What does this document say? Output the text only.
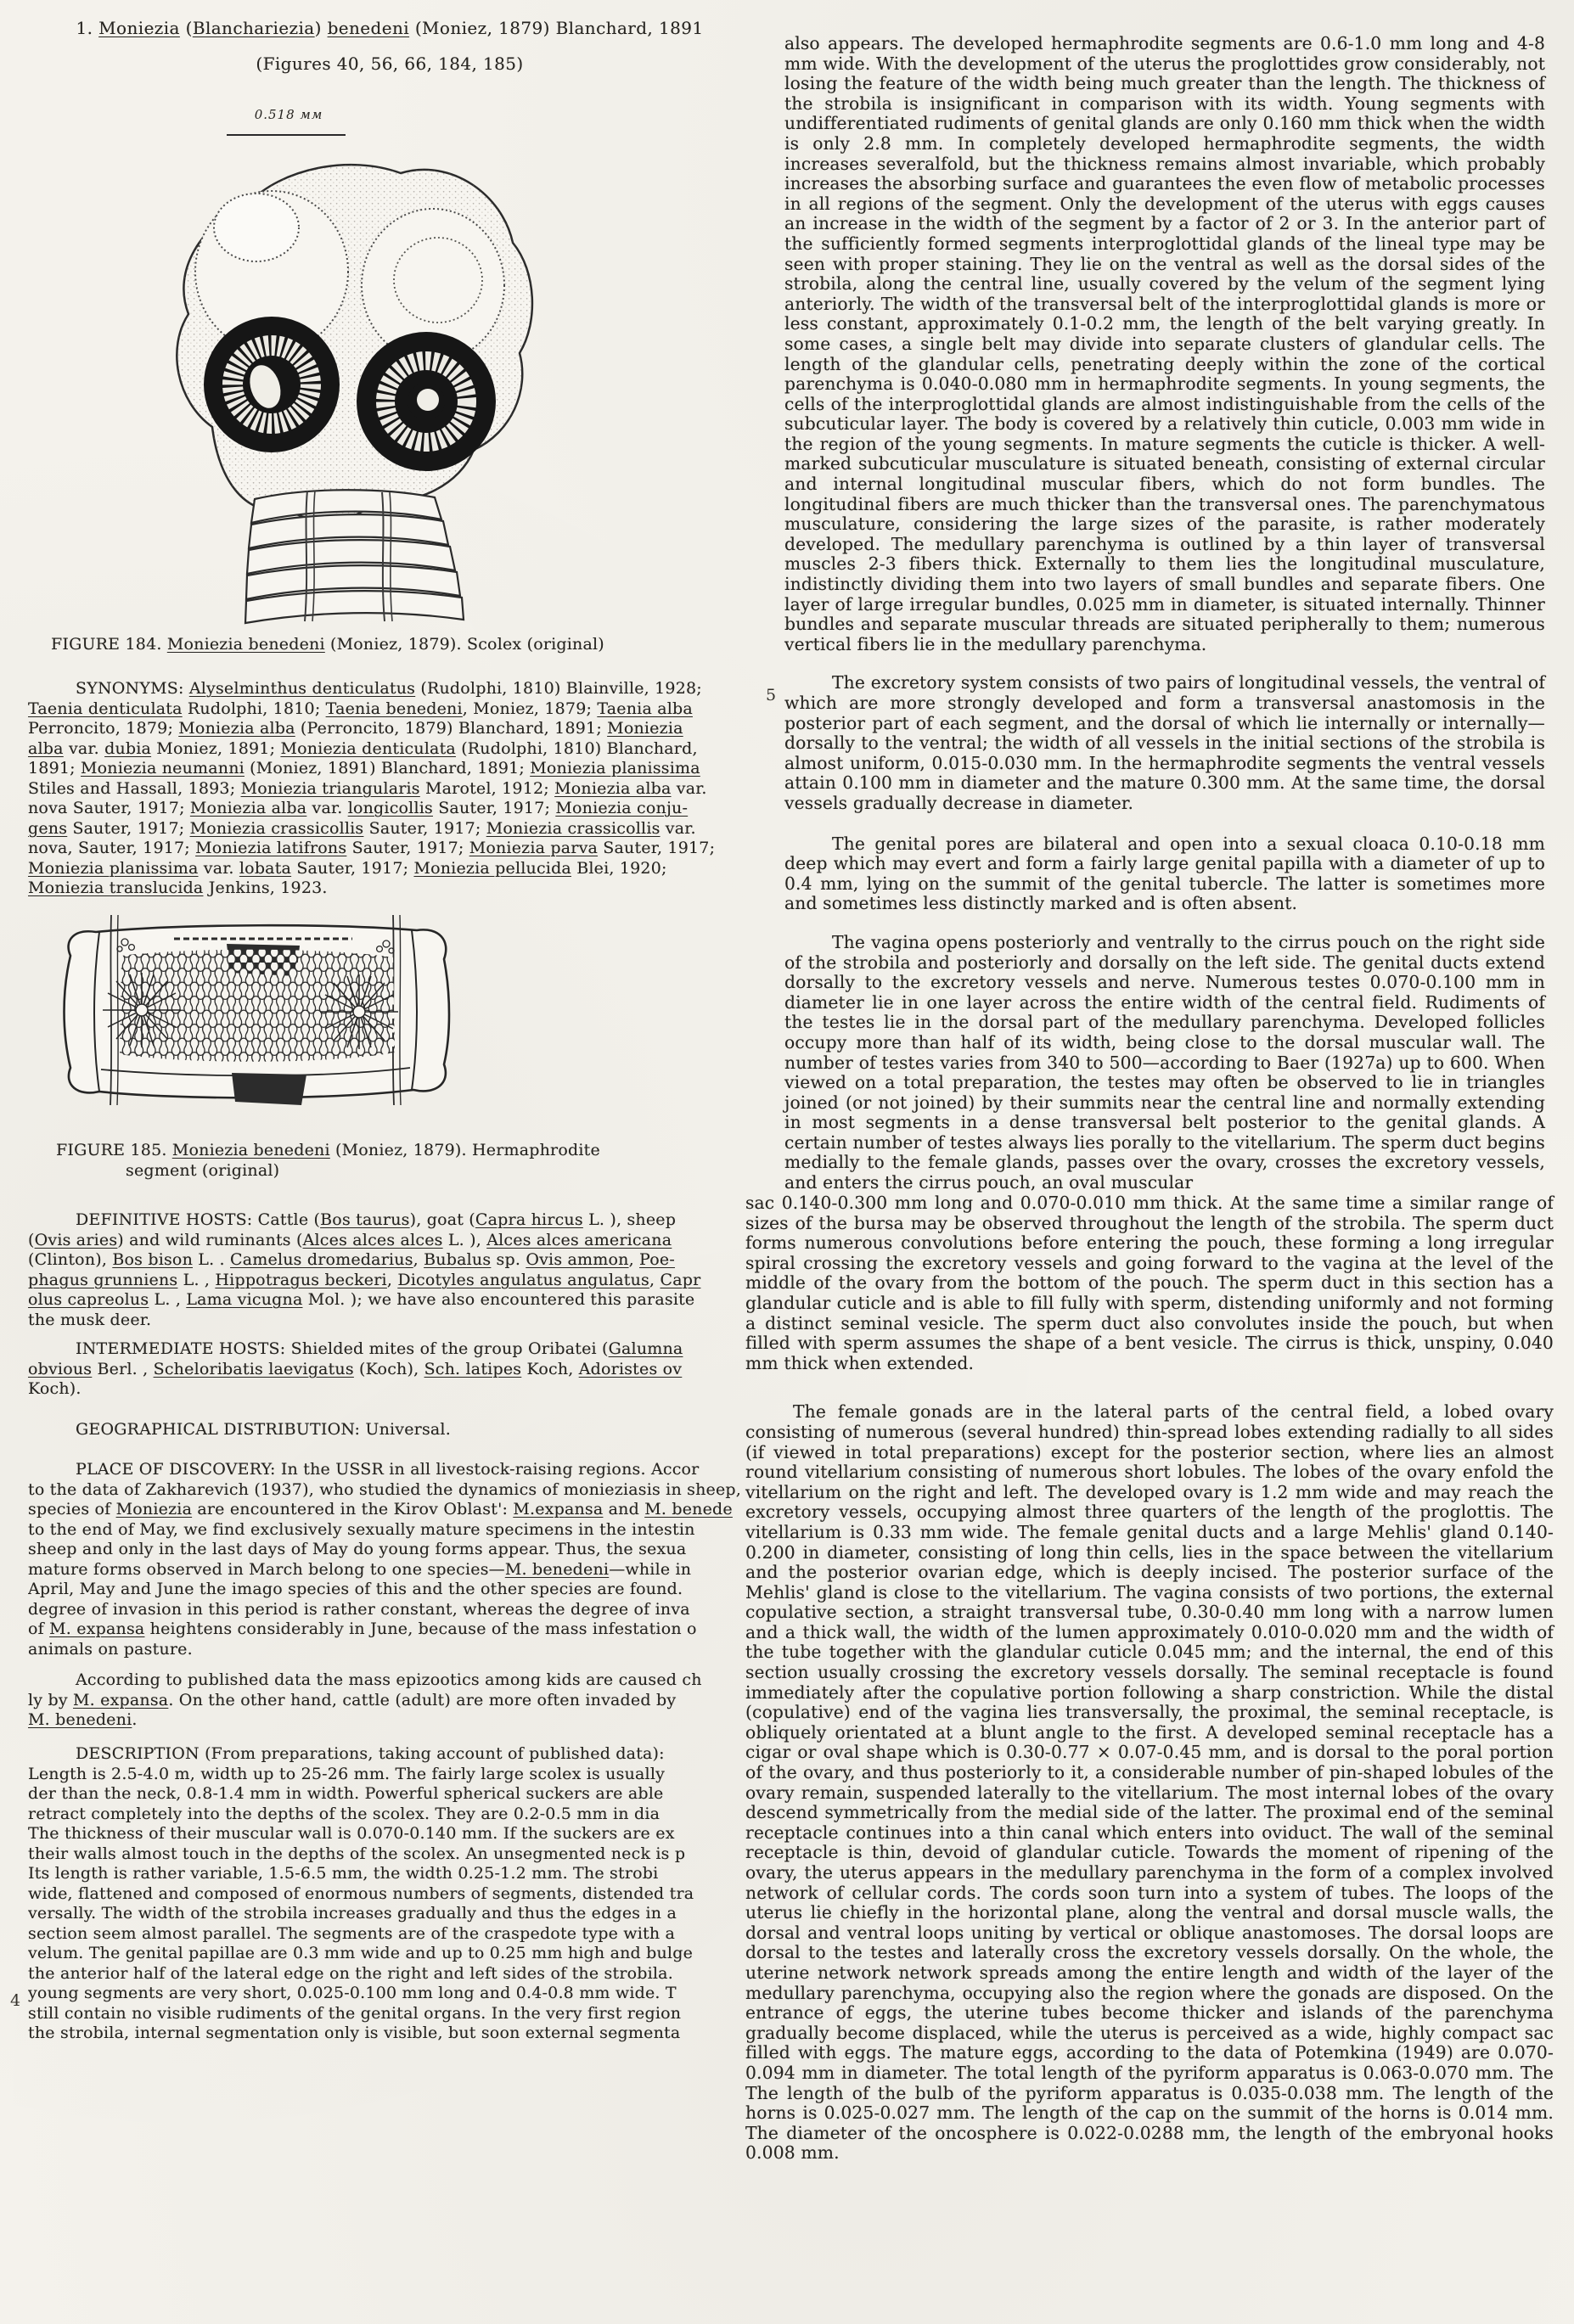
1. Moniezia (Blanchariezia) benedeni (Moniez, 1879) Blanchard, 1891
(Figures 40, 56, 66, 184, 185)
0.518 мм
FIGURE 184. Moniezia benedeni (Moniez, 1879). Scolex (original)
SYNONYMS: Alyselminthus denticulatus (Rudolphi, 1810) Blainville, 1928;
Taenia denticulata Rudolphi, 1810; Taenia benedeni, Moniez, 1879; Taenia alba
Perroncito, 1879; Moniezia alba (Perroncito, 1879) Blanchard, 1891; Moniezia
alba var. dubia Moniez, 1891; Moniezia denticulata (Rudolphi, 1810) Blanchard,
1891; Moniezia neumanni (Moniez, 1891) Blanchard, 1891; Moniezia planissima
Stiles and Hassall, 1893; Moniezia triangularis Marotel, 1912; Moniezia alba var.
nova Sauter, 1917; Moniezia alba var. longicollis Sauter, 1917; Moniezia conju-
gens Sauter, 1917; Moniezia crassicollis Sauter, 1917; Moniezia crassicollis var.
nova, Sauter, 1917; Moniezia latifrons Sauter, 1917; Moniezia parva Sauter, 1917;
Moniezia planissima var. lobata Sauter, 1917; Moniezia pellucida Blei, 1920;
Moniezia translucida Jenkins, 1923.
FIGURE 185. Moniezia benedeni (Moniez, 1879). Hermaphrodite
segment (original)
DEFINITIVE HOSTS: Cattle (Bos taurus), goat (Capra hircus L. ), sheep
(Ovis aries) and wild ruminants (Alces alces alces L. ), Alces alces americana
(Clinton), Bos bison L. . Camelus dromedarius, Bubalus sp. Ovis ammon, Poe-
phagus grunniens L. , Hippotragus beckeri, Dicotyles angulatus angulatus, Capr
olus capreolus L. , Lama vicugna Mol. ); we have also encountered this parasite
the musk deer.
INTERMEDIATE HOSTS: Shielded mites of the group Oribatei (Galumna
obvious Berl. , Scheloribatis laevigatus (Koch), Sch. latipes Koch, Adoristes ov
Koch).
GEOGRAPHICAL DISTRIBUTION: Universal.
PLACE OF DISCOVERY: In the USSR in all livestock-raising regions. Accor
to the data of Zakharevich (1937), who studied the dynamics of monieziasis in sheep,
species of Moniezia are encountered in the Kirov Oblast': M.expansa and M. benede
to the end of May, we find exclusively sexually mature specimens in the intestin
sheep and only in the last days of May do young forms appear. Thus, the sexua
mature forms observed in March belong to one species—M. benedeni—while in
April, May and June the imago species of this and the other species are found.
degree of invasion in this period is rather constant, whereas the degree of inva
of M. expansa heightens considerably in June, because of the mass infestation o
animals on pasture.
According to published data the mass epizootics among kids are caused ch
ly by M. expansa. On the other hand, cattle (adult) are more often invaded by
M. benedeni.
DESCRIPTION (From preparations, taking account of published data):
Length is 2.5-4.0 m, width up to 25-26 mm. The fairly large scolex is usually
der than the neck, 0.8-1.4 mm in width. Powerful spherical suckers are able
retract completely into the depths of the scolex. They are 0.2-0.5 mm in dia
The thickness of their muscular wall is 0.070-0.140 mm. If the suckers are ex
their walls almost touch in the depths of the scolex. An unsegmented neck is p
Its length is rather variable, 1.5-6.5 mm, the width 0.25-1.2 mm. The strobi
wide, flattened and composed of enormous numbers of segments, distended tra
versally. The width of the strobila increases gradually and thus the edges in a
section seem almost parallel. The segments are of the craspedote type with a
velum. The genital papillae are 0.3 mm wide and up to 0.25 mm high and bulge
the anterior half of the lateral edge on the right and left sides of the strobila.
young segments are very short, 0.025-0.100 mm long and 0.4-0.8 mm wide. T
still contain no visible rudiments of the genital organs. In the very first region
the strobila, internal segmentation only is visible, but soon external segmenta
5
4

also appears. The developed hermaphrodite segments are 0.6-1.0 mm long and 4-8 mm wide. With the development of the uterus the proglottides grow considerably, not losing the feature of the width being much greater than the length. The thickness of the strobila is insignificant in comparison with its width. Young segments with undifferentiated rudiments of genital glands are only 0.160 mm thick when the width is only 2.8 mm. In completely developed hermaphrodite segments, the width increases severalfold, but the thickness remains almost invariable, which probably increases the absorbing surface and guarantees the even flow of metabolic processes in all regions of the segment. Only the development of the uterus with eggs causes an increase in the width of the segment by a factor of 2 or 3. In the anterior part of the sufficiently formed segments interproglottidal glands of the lineal type may be seen with proper staining. They lie on the ventral as well as the dorsal sides of the strobila, along the central line, usually covered by the velum of the segment lying anteriorly. The width of the transversal belt of the interproglottidal glands is more or less constant, approximately 0.1-0.2 mm, the length of the belt varying greatly. In some cases, a single belt may divide into separate clusters of glandular cells. The length of the glandular cells, penetrating deeply within the zone of the cortical parenchyma is 0.040-0.080 mm in hermaphrodite segments. In young segments, the cells of the interproglottidal glands are almost indistinguishable from the cells of the subcuticular layer. The body is covered by a relatively thin cuticle, 0.003 mm wide in the region of the young segments. In mature segments the cuticle is thicker. A well-marked subcuticular musculature is situated beneath, consisting of external circular and internal longitudinal muscular fibers, which do not form bundles. The longitudinal fibers are much thicker than the transversal ones. The parenchymatous musculature, considering the large sizes of the parasite, is rather moderately developed. The medullary parenchyma is outlined by a thin layer of transversal muscles 2-3 fibers thick. Externally to them lies the longitudinal musculature, indistinctly dividing them into two layers of small bundles and separate fibers. One layer of large irregular bundles, 0.025 mm in diameter, is situated internally. Thinner bundles and separate muscular threads are situated peripherally to them; numerous vertical fibers lie in the medullary parenchyma.

The excretory system consists of two pairs of longitudinal vessels, the ventral of which are more strongly developed and form a transversal anastomosis in the posterior part of each segment, and the dorsal of which lie internally or internally—dorsally to the ventral; the width of all vessels in the initial sections of the strobila is almost uniform, 0.015-0.030 mm. In the hermaphrodite segments the ventral vessels attain 0.100 mm in diameter and the mature 0.300 mm. At the same time, the dorsal vessels gradually decrease in diameter.

The genital pores are bilateral and open into a sexual cloaca 0.10-0.18 mm deep which may evert and form a fairly large genital papilla with a diameter of up to 0.4 mm, lying on the summit of the genital tubercle. The latter is sometimes more and sometimes less distinctly marked and is often absent.

The vagina opens posteriorly and ventrally to the cirrus pouch on the right side of the strobila and posteriorly and dorsally on the left side. The genital ducts extend dorsally to the excretory vessels and nerve. Numerous testes 0.070-0.100 mm in diameter lie in one layer across the entire width of the central field. Rudiments of the testes lie in the dorsal part of the medullary parenchyma. Developed follicles occupy more than half of its width, being close to the dorsal muscular wall. The number of testes varies from 340 to 500—according to Baer (1927a) up to 600. When viewed on a total preparation, the testes may often be observed to lie in triangles joined (or not joined) by their summits near the central line and normally extending in most segments in a dense transversal belt posterior to the genital glands. A certain number of testes always lies porally to the vitellarium. The sperm duct begins medially to the female glands, passes over the ovary, crosses the excretory vessels, and enters the cirrus pouch, an oval muscular

sac 0.140-0.300 mm long and 0.070-0.010 mm thick. At the same time a similar range of sizes of the bursa may be observed throughout the length of the strobila. The sperm duct forms numerous convolutions before entering the pouch, these forming a long irregular spiral crossing the excretory vessels and going forward to the vagina at the level of the middle of the ovary from the bottom of the pouch. The sperm duct in this section has a glandular cuticle and is able to fill fully with sperm, distending uniformly and not forming a distinct seminal vesicle. The sperm duct also convolutes inside the pouch, but when filled with sperm assumes the shape of a bent vesicle. The cirrus is thick, unspiny, 0.040 mm thick when extended.

The female gonads are in the lateral parts of the central field, a lobed ovary consisting of numerous (several hundred) thin-spread lobes extending radially to all sides (if viewed in total preparations) except for the posterior section, where lies an almost round vitellarium consisting of numerous short lobules. The lobes of the ovary enfold the vitellarium on the right and left. The developed ovary is 1.2 mm wide and may reach the excretory vessels, occupying almost three quarters of the length of the proglottis. The vitellarium is 0.33 mm wide. The female genital ducts and a large Mehlis' gland 0.140-0.200 in diameter, consisting of long thin cells, lies in the space between the vitellarium and the posterior ovarian edge, which is deeply incised. The posterior surface of the Mehlis' gland is close to the vitellarium. The vagina consists of two portions, the external copulative section, a straight transversal tube, 0.30-0.40 mm long with a narrow lumen and a thick wall, the width of the lumen approximately 0.010-0.020 mm and the width of the tube together with the glandular cuticle 0.045 mm; and the internal, the end of this section usually crossing the excretory vessels dorsally. The seminal receptacle is found immediately after the copulative portion following a sharp constriction. While the distal (copulative) end of the vagina lies transversally, the proximal, the seminal receptacle, is obliquely orientated at a blunt angle to the first. A developed seminal receptacle has a cigar or oval shape which is 0.30-0.77 × 0.07-0.45 mm, and is dorsal to the poral portion of the ovary, and thus posteriorly to it, a considerable number of pin-shaped lobules of the ovary remain, suspended laterally to the vitellarium. The most internal lobes of the ovary descend symmetrically from the medial side of the latter. The proximal end of the seminal receptacle continues into a thin canal which enters into oviduct. The wall of the seminal receptacle is thin, devoid of glandular cuticle. Towards the moment of ripening of the ovary, the uterus appears in the medullary parenchyma in the form of a complex involved network of cellular cords. The cords soon turn into a system of tubes. The loops of the uterus lie chiefly in the horizontal plane, along the ventral and dorsal muscle walls, the dorsal and ventral loops uniting by vertical or oblique anastomoses. The dorsal loops are dorsal to the testes and laterally cross the excretory vessels dorsally. On the whole, the uterine network network spreads among the entire length and width of the layer of the medullary parenchyma, occupying also the region where the gonads are disposed. On the entrance of eggs, the uterine tubes become thicker and islands of the parenchyma gradually become displaced, while the uterus is perceived as a wide, highly compact sac filled with eggs. The mature eggs, according to the data of Potemkina (1949) are 0.070-0.094 mm in diameter. The total length of the pyriform apparatus is 0.063-0.070 mm. The The length of the bulb of the pyriform apparatus is 0.035-0.038 mm. The length of the horns is 0.025-0.027 mm. The length of the cap on the summit of the horns is 0.014 mm. The diameter of the oncosphere is 0.022-0.0288 mm, the length of the embryonal hooks 0.008 mm.
